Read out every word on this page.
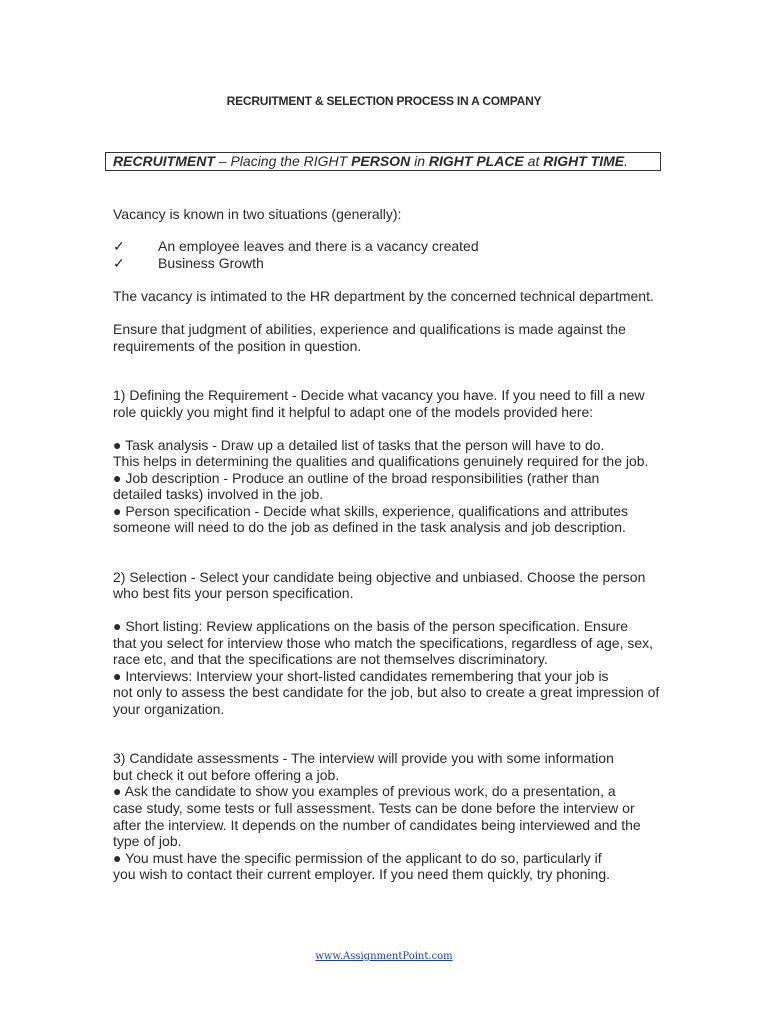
RECRUITMENT & SELECTION PROCESS IN A COMPANY
RECRUITMENT – Placing the RIGHT PERSON in RIGHT PLACE at RIGHT TIME.
Vacancy is known in two situations (generally):
✓ An employee leaves and there is a vacancy created
✓ Business Growth
The vacancy is intimated to the HR department by the concerned technical department.
Ensure that judgment of abilities, experience and qualifications is made against the
requirements of the position in question.
1) Defining the Requirement - Decide what vacancy you have. If you need to fill a new
role quickly you might find it helpful to adapt one of the models provided here:
● Task analysis - Draw up a detailed list of tasks that the person will have to do.
This helps in determining the qualities and qualifications genuinely required for the job.
● Job description - Produce an outline of the broad responsibilities (rather than
detailed tasks) involved in the job.
● Person specification - Decide what skills, experience, qualifications and attributes
someone will need to do the job as defined in the task analysis and job description.
2) Selection - Select your candidate being objective and unbiased. Choose the person
who best fits your person specification.
● Short listing: Review applications on the basis of the person specification. Ensure
that you select for interview those who match the specifications, regardless of age, sex,
race etc, and that the specifications are not themselves discriminatory.
● Interviews: Interview your short-listed candidates remembering that your job is
not only to assess the best candidate for the job, but also to create a great impression of
your organization.
3) Candidate assessments - The interview will provide you with some information
but check it out before offering a job.
● Ask the candidate to show you examples of previous work, do a presentation, a
case study, some tests or full assessment. Tests can be done before the interview or
after the interview. It depends on the number of candidates being interviewed and the
type of job.
● You must have the specific permission of the applicant to do so, particularly if
you wish to contact their current employer. If you need them quickly, try phoning.
www.AssignmentPoint.com
